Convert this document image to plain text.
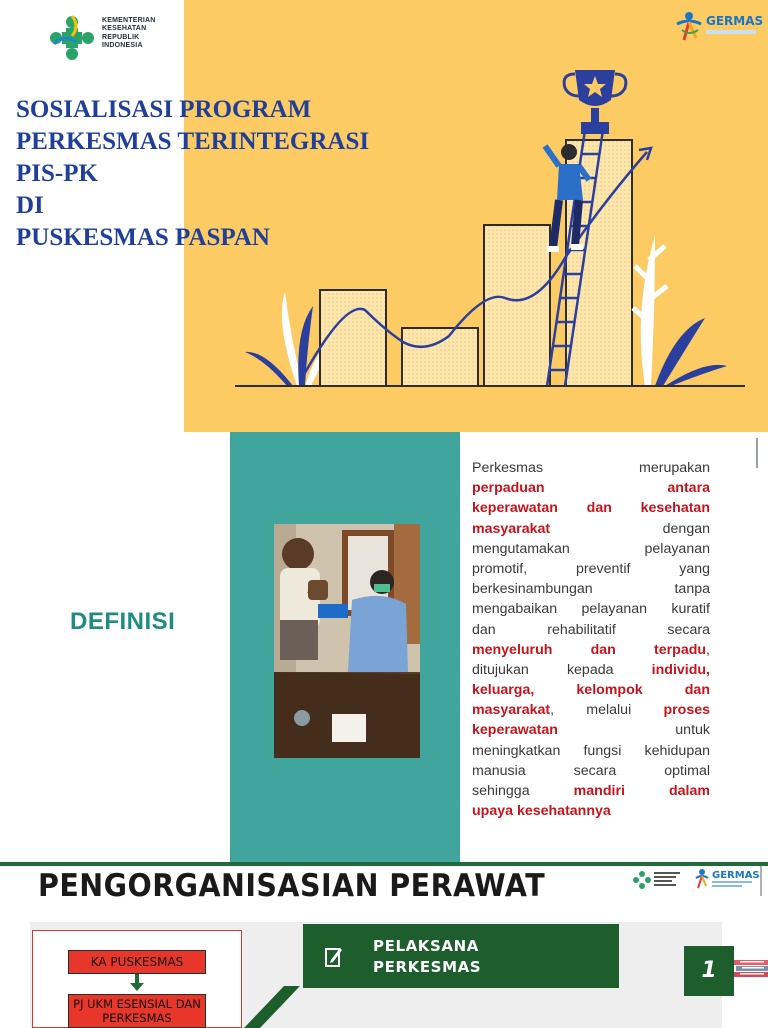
KEMENTERIAN
KESEHATAN
REPUBLIK
INDONESIA
GERMAS
SOSIALISASI PROGRAM
PERKESMAS TERINTEGRASI
PIS-PK
DI
PUSKESMAS PASPAN
DEFINISI
Perkesmas merupakan
perpaduan antara
keperawatan dan kesehatan
masyarakat dengan
mengutamakan pelayanan
promotif, preventif yang
berkesinambungan tanpa
mengabaikan pelayanan kuratif
dan rehabilitatif secara
menyeluruh dan terpadu,
ditujukan kepada individu,
keluarga, kelompok dan
masyarakat, melalui proses
keperawatan untuk
meningkatkan fungsi kehidupan
manusia secara optimal
sehingga mandiri dalam
upaya kesehatannya
PENGORGANISASIAN PERAWAT	GERMAS
KA PUSKESMAS
PJ UKM ESENSIAL DAN PERKESMAS
PELAKSANA
PERKESMAS	1
